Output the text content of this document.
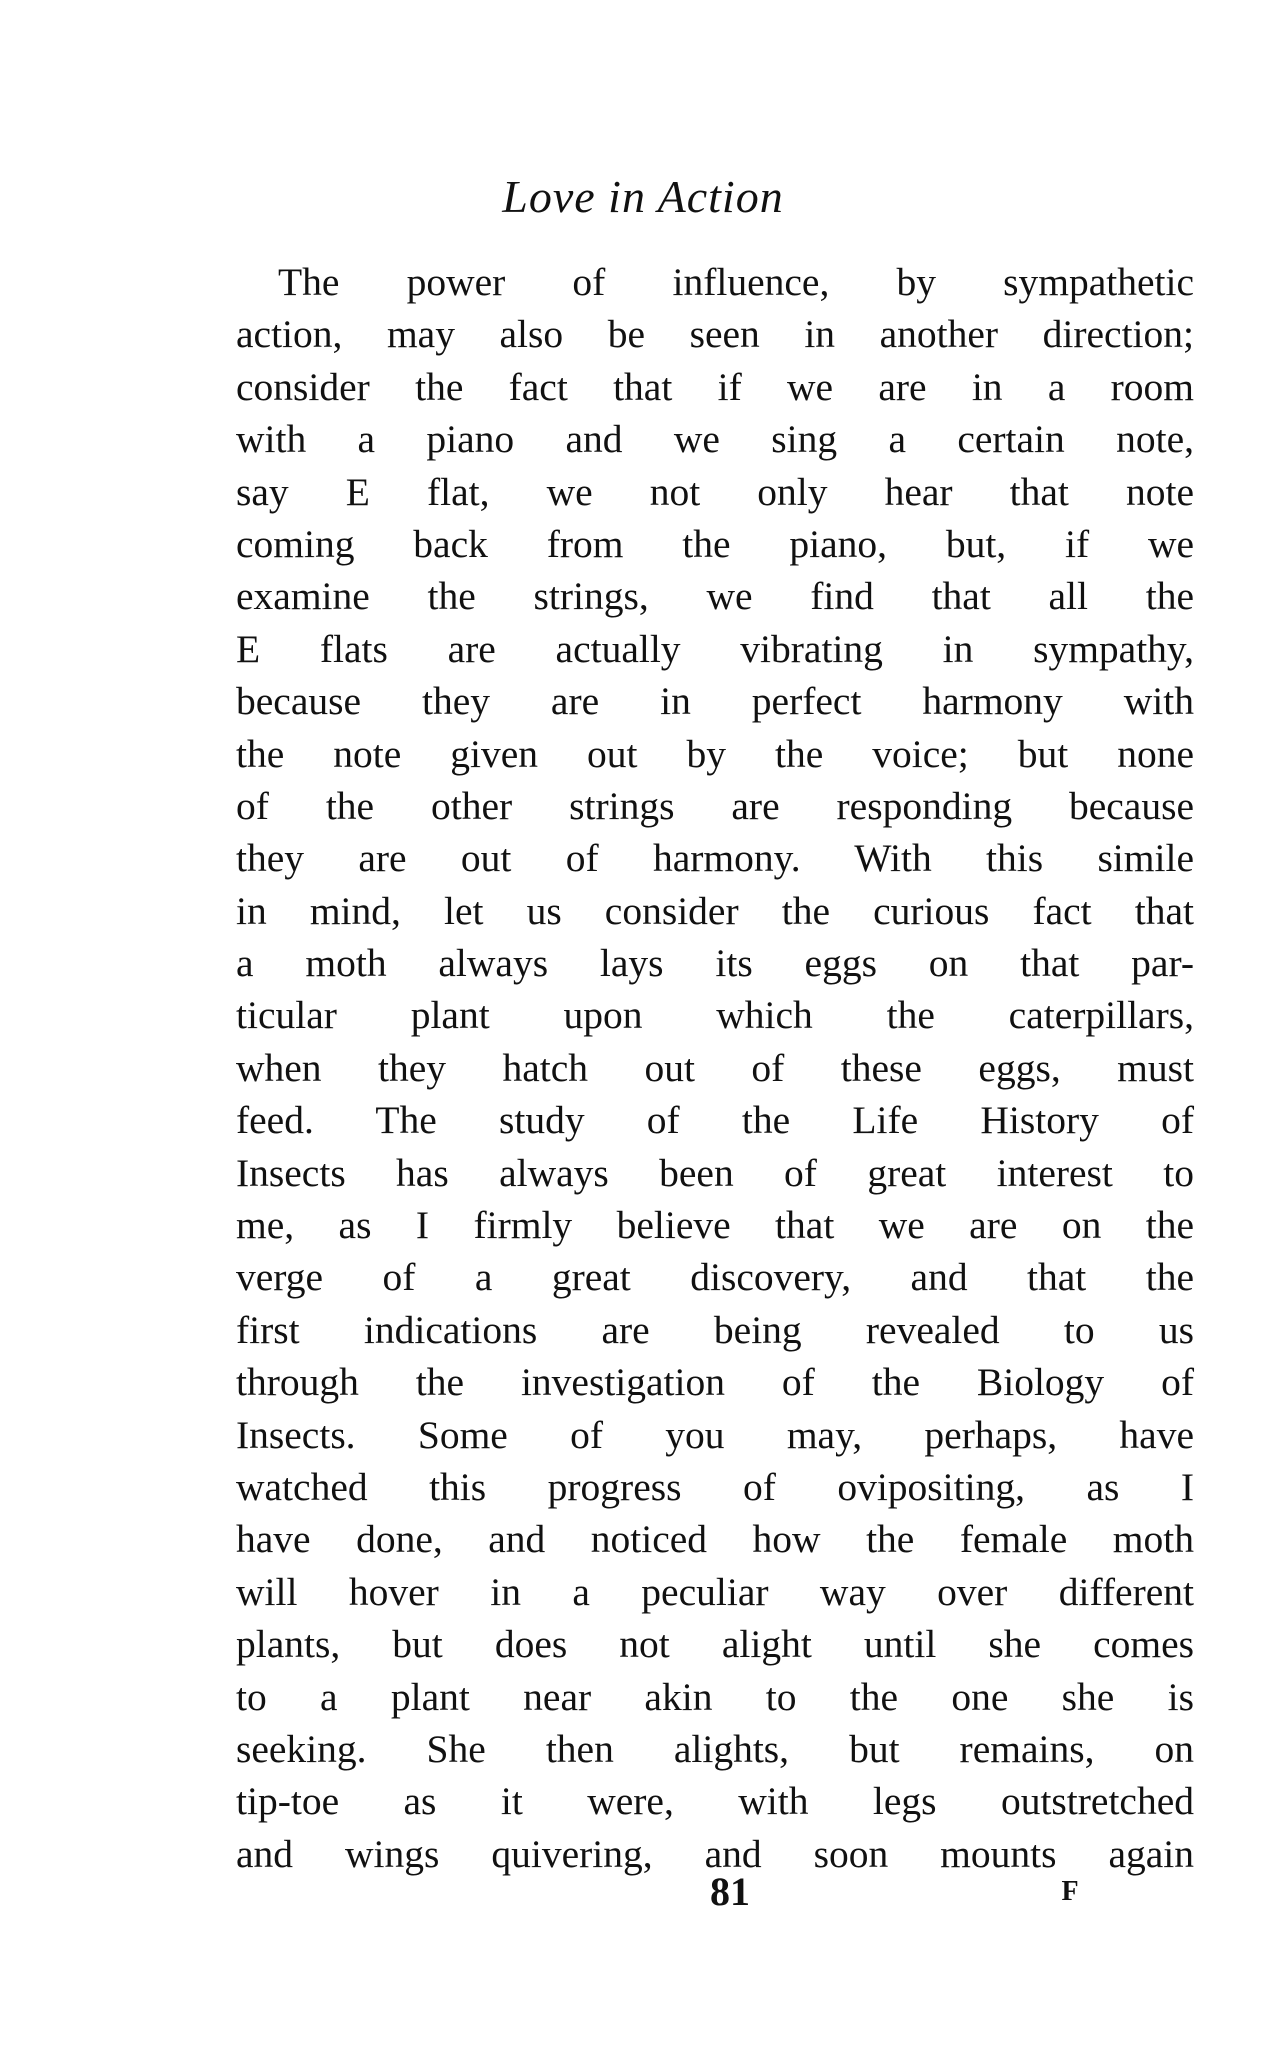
Love in Action
The power of influence, by sympathetic
action, may also be seen in another direction;
consider the fact that if we are in a room
with a piano and we sing a certain note,
say E flat, we not only hear that note
coming back from the piano, but, if we
examine the strings, we find that all the
E flats are actually vibrating in sympathy,
because they are in perfect harmony with
the note given out by the voice; but none
of the other strings are responding because
they are out of harmony. With this simile
in mind, let us consider the curious fact that
a moth always lays its eggs on that par-
ticular plant upon which the caterpillars,
when they hatch out of these eggs, must
feed. The study of the Life History of
Insects has always been of great interest to
me, as I firmly believe that we are on the
verge of a great discovery, and that the
first indications are being revealed to us
through the investigation of the Biology of
Insects. Some of you may, perhaps, have
watched this progress of ovipositing, as I
have done, and noticed how the female moth
will hover in a peculiar way over different
plants, but does not alight until she comes
to a plant near akin to the one she is
seeking. She then alights, but remains, on
tip-toe as it were, with legs outstretched
and wings quivering, and soon mounts again
81	F
